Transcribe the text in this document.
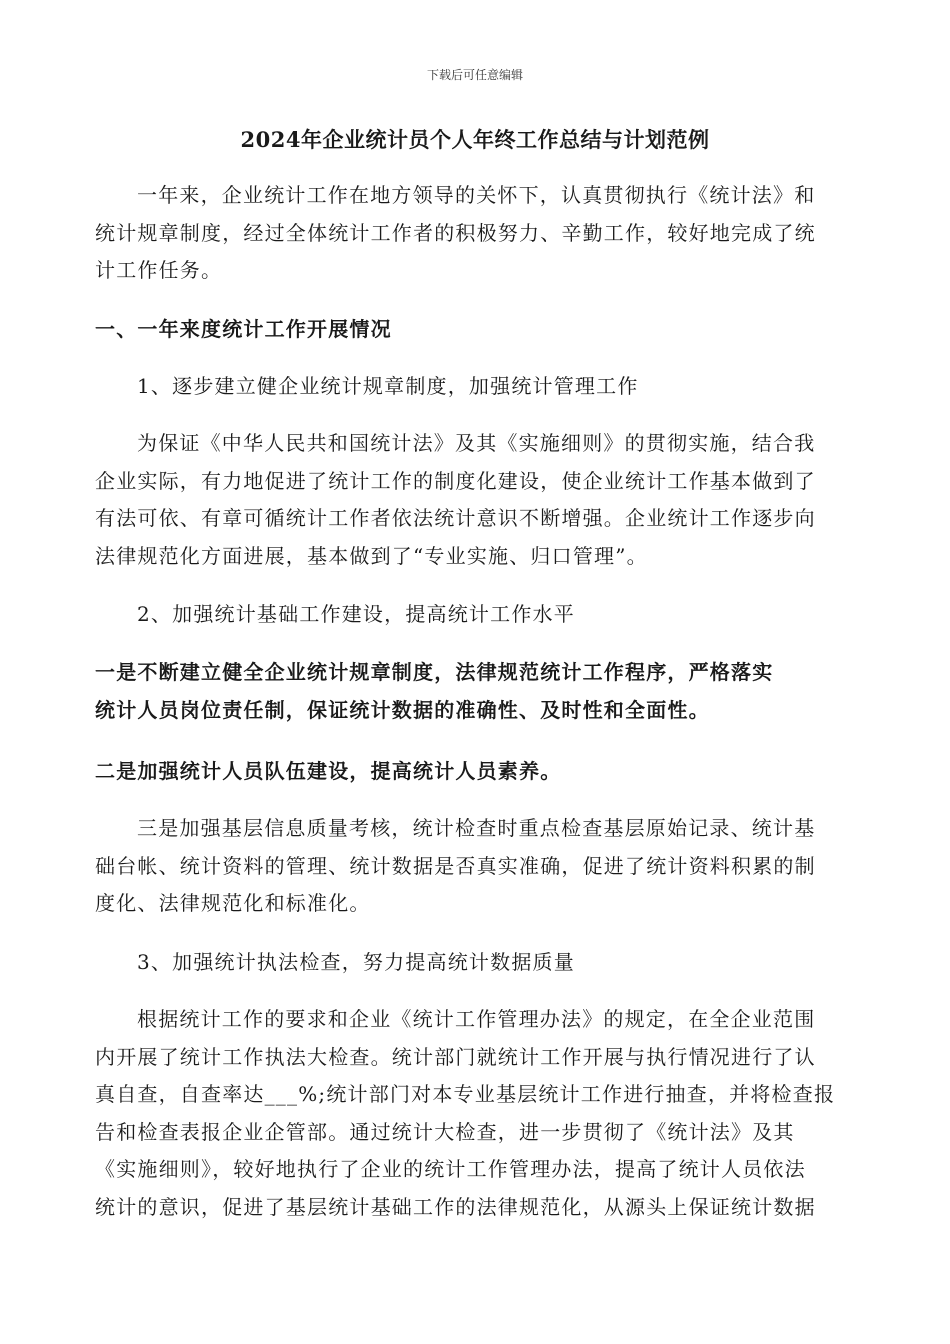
下载后可任意编辑
2024年企业统计员个人年终工作总结与计划范例

一年来，企业统计工作在地方领导的关怀下，认真贯彻执行《统计法》和
统计规章制度，经过全体统计工作者的积极努力、辛勤工作，较好地完成了统
计工作任务。

一、一年来度统计工作开展情况

1、逐步建立健企业统计规章制度，加强统计管理工作

为保证《中华人民共和国统计法》及其《实施细则》的贯彻实施，结合我
企业实际，有力地促进了统计工作的制度化建设，使企业统计工作基本做到了
有法可依、有章可循统计工作者依法统计意识不断增强。企业统计工作逐步向
法律规范化方面进展，基本做到了“专业实施、归口管理”。

2、加强统计基础工作建设，提高统计工作水平

一是不断建立健全企业统计规章制度，法律规范统计工作程序，严格落实
统计人员岗位责任制，保证统计数据的准确性、及时性和全面性。

二是加强统计人员队伍建设，提高统计人员素养。

三是加强基层信息质量考核，统计检查时重点检查基层原始记录、统计基
础台帐、统计资料的管理、统计数据是否真实准确，促进了统计资料积累的制
度化、法律规范化和标准化。

3、加强统计执法检查，努力提高统计数据质量

根据统计工作的要求和企业《统计工作管理办法》的规定，在全企业范围
内开展了统计工作执法大检查。统计部门就统计工作开展与执行情况进行了认
真自查，自查率达___%;统计部门对本专业基层统计工作进行抽查，并将检查报
告和检查表报企业企管部。通过统计大检查，进一步贯彻了《统计法》及其
《实施细则》，较好地执行了企业的统计工作管理办法，提高了统计人员依法
统计的意识，促进了基层统计基础工作的法律规范化，从源头上保证统计数据
